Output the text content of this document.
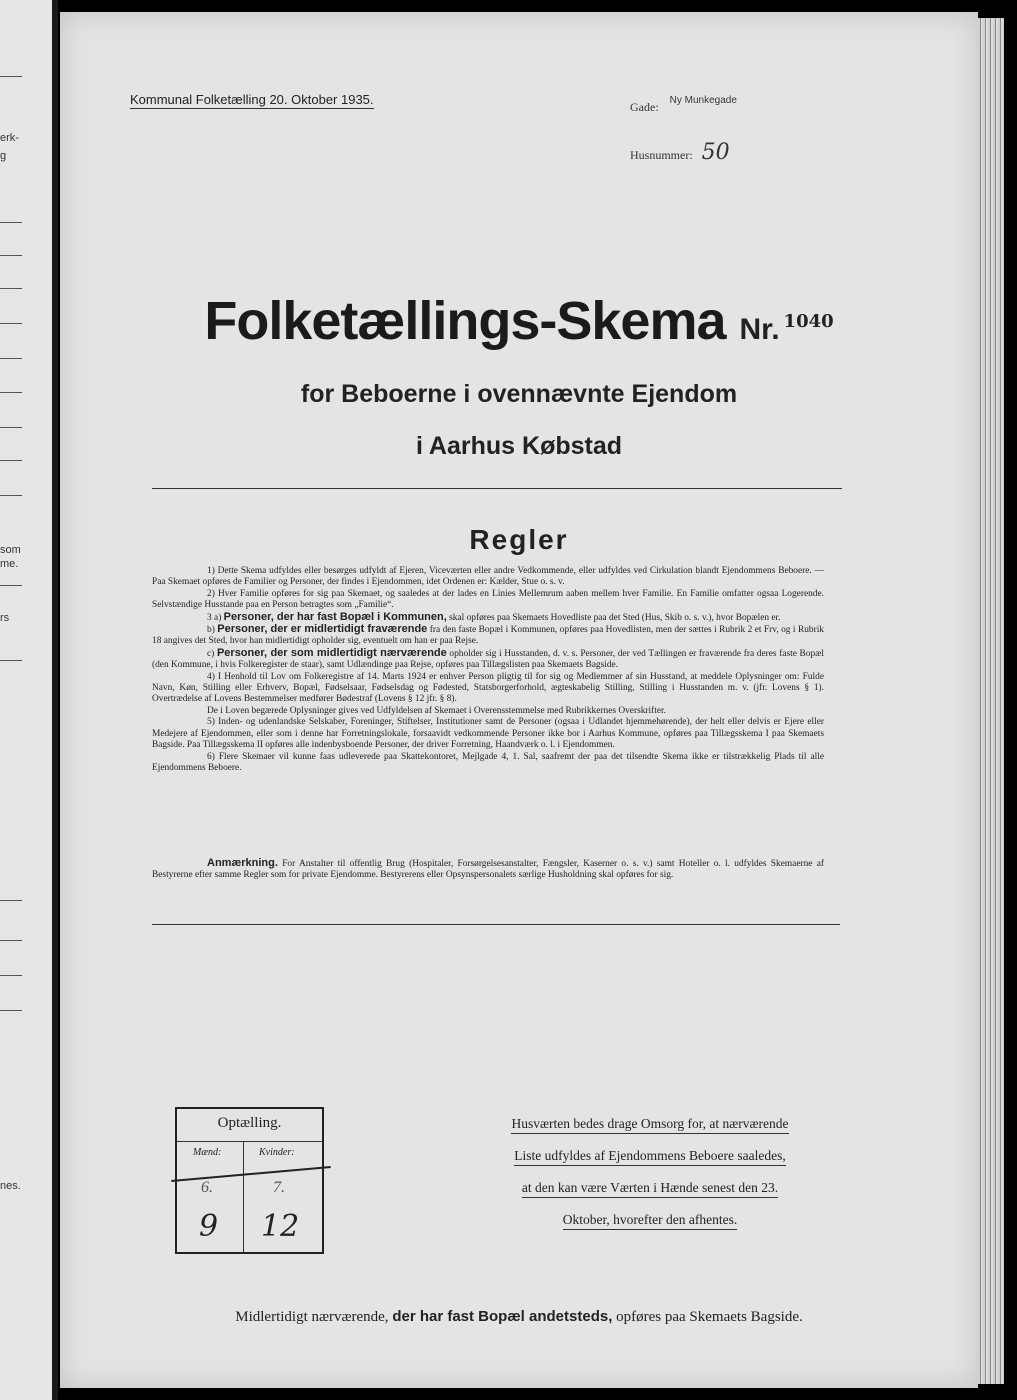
erk-
g
som
me.
rs
nes.
Kommunal Folketælling 20. Oktober 1935.	Gade: $^{Ny Munkegade}$
Husnummer: 50
Folketællings-Skema Nr. 1040
for Beboerne i ovennævnte Ejendom
i Aarhus Købstad
Regler

1) Dette Skema udfyldes eller besørges udfyldt af Ejeren, Viceværten eller andre Vedkommende, eller udfyldes ved Cirkulation blandt Ejendommens Beboere. — Paa Skemaet opføres de Familier og Personer, der findes i Ejendommen, idet Ordenen er: Kælder, Stue o. s. v.

2) Hver Familie opføres for sig paa Skemaet, og saaledes at der lades en Linies Mellemrum aaben mellem hver Familie. En Familie omfatter ogsaa Logerende. Selvstændige Husstande paa en Person betragtes som „Familie“.

3 a) Personer, der har fast Bopæl i Kommunen, skal opføres paa Skemaets Hovedliste paa det Sted (Hus, Skib o. s. v.), hvor Bopælen er.

b) Personer, der er midlertidigt fraværende fra den faste Bopæl i Kommunen, opføres paa Hovedlisten, men der sættes i Rubrik 2 et Frv, og i Rubrik 18 angives det Sted, hvor han midlertidigt opholder sig, eventuelt om han er paa Rejse.

c) Personer, der som midlertidigt nærværende opholder sig i Husstanden, d. v. s. Personer, der ved Tællingen er fraværende fra deres faste Bopæl (den Kommune, i hvis Folkeregister de staar), samt Udlændinge paa Rejse, opføres paa Tillægslisten paa Skemaets Bagside.

4) I Henhold til Lov om Folkeregistre af 14. Marts 1924 er enhver Person pligtig til for sig og Medlemmer af sin Husstand, at meddele Oplysninger om: Fulde Navn, Køn, Stilling eller Erhverv, Bopæl, Fødselsaar, Fødselsdag og Fødested, Statsborgerforhold, ægteskabelig Stilling, Stilling i Husstanden m. v. (jfr. Lovens § 1). Overtrædelse af Lovens Bestemmelser medfører Bødestraf (Lovens § 12 jfr. § 8).

De i Loven begærede Oplysninger gives ved Udfyldelsen af Skemaet i Overensstemmelse med Rubrikkernes Overskrifter.

5) Inden- og udenlandske Selskaber, Foreninger, Stiftelser, Institutioner samt de Personer (ogsaa i Udlandet hjemmehørende), der helt eller delvis er Ejere eller Medejere af Ejendommen, eller som i denne har Forretningslokale, forsaavidt vedkommende Personer ikke bor i Aarhus Kommune, opføres paa Tillægsskema I paa Skemaets Bagside. Paa Tillægsskema II opføres alle indenbysboende Personer, der driver Forretning, Haandværk o. l. i Ejendommen.

6) Flere Skemaer vil kunne faas udleverede paa Skattekontoret, Mejlgade 4, 1. Sal, saafremt der paa det tilsendte Skema ikke er tilstrækkelig Plads til alle Ejendommens Beboere.

Anmærkning. For Anstalter til offentlig Brug (Hospitaler, Forsørgelsesanstalter, Fængsler, Kaserner o. s. v.) samt Hoteller o. l. udfyldes Skemaerne af Bestyrerne efter samme Regler som for private Ejendomme. Bestyrerens eller Opsynspersonalets særlige Husholdning skal opføres for sig.
Optælling.
Mænd:	Kvinder:
6.	7.
9 12
Husværten bedes drage Omsorg for, at nærværende
Liste udfyldes af Ejendommens Beboere saaledes,
at den kan være Værten i Hænde senest den 23.
Oktober, hvorefter den afhentes.
Midlertidigt nærværende, der har fast Bopæl andetsteds, opføres paa Skemaets Bagside.
